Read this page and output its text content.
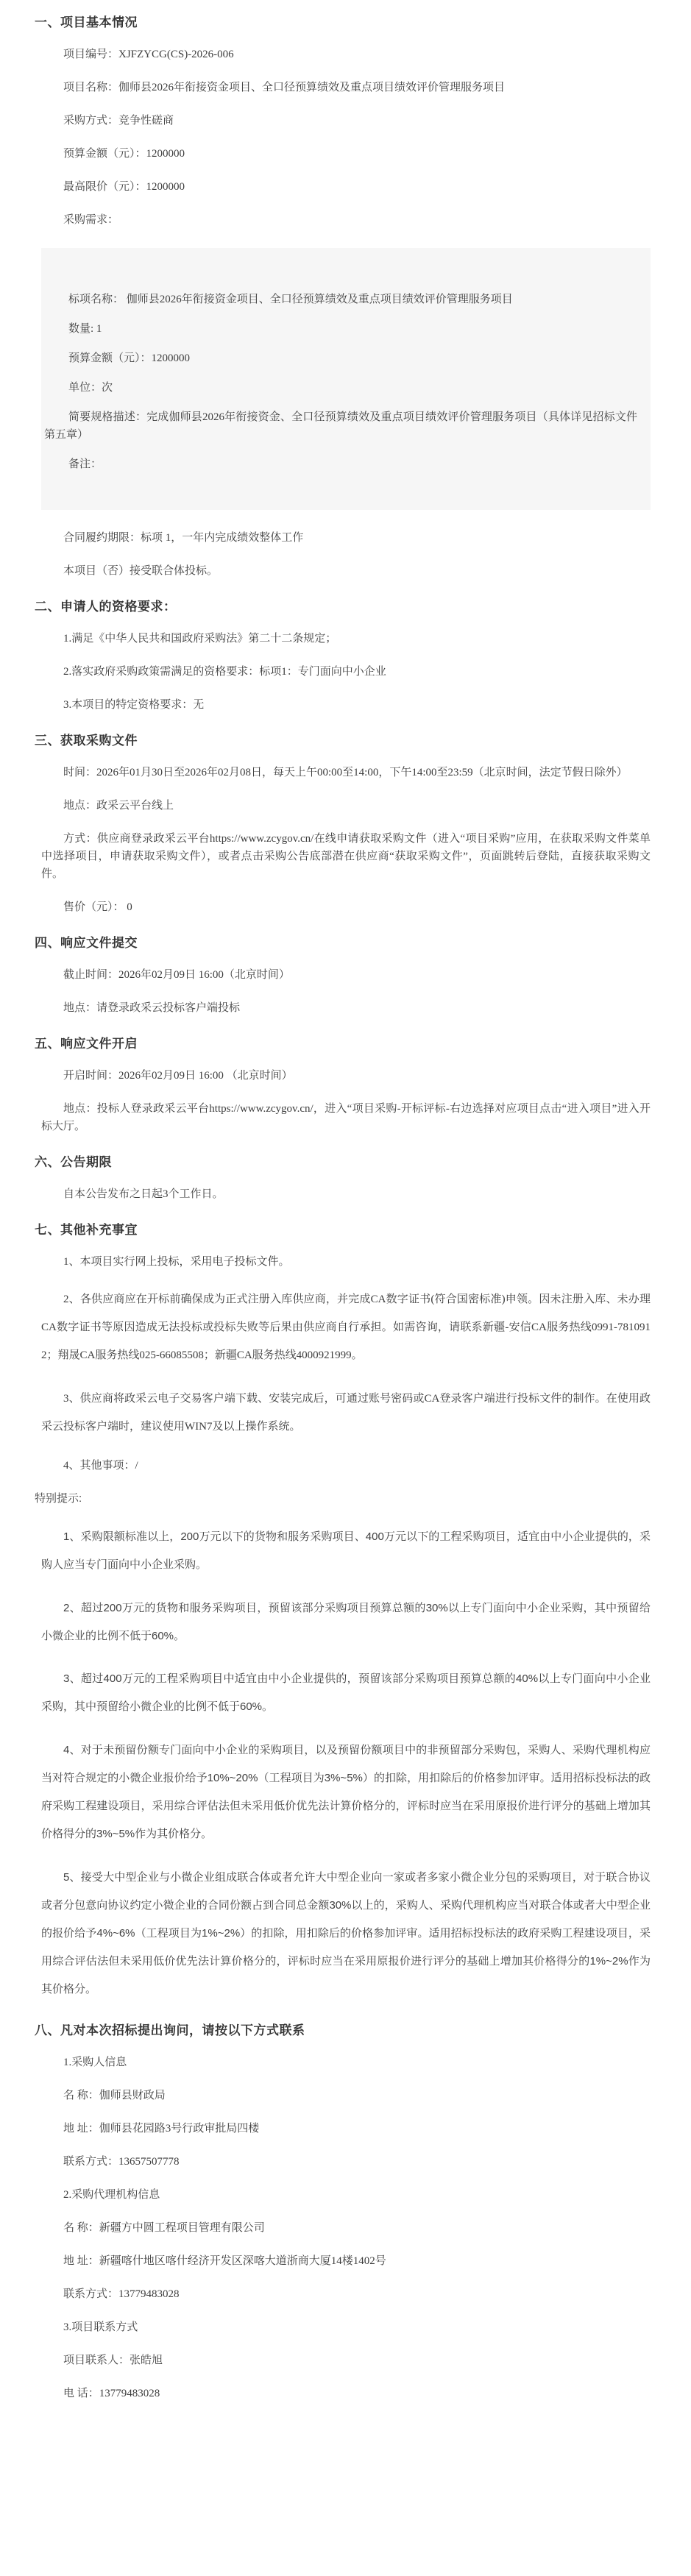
一、项目基本情况

项目编号：XJFZYCG(CS)-2026-006

项目名称：伽师县2026年衔接资金项目、全口径预算绩效及重点项目绩效评价管理服务项目

采购方式：竞争性磋商

预算金额（元）：1200000

最高限价（元）：1200000

采购需求：

标项名称： 伽师县2026年衔接资金项目、全口径预算绩效及重点项目绩效评价管理服务项目

数量: 1

预算金额（元）：1200000

单位：次

简要规格描述：完成伽师县2026年衔接资金、全口径预算绩效及重点项目绩效评价管理服务项目（具体详见招标文件第五章）

备注：

合同履约期限：标项 1，一年内完成绩效整体工作

本项目（否）接受联合体投标。

二、申请人的资格要求：

1.满足《中华人民共和国政府采购法》第二十二条规定；

2.落实政府采购政策需满足的资格要求：标项1：专门面向中小企业

3.本项目的特定资格要求：无

三、获取采购文件

时间：2026年01月30日至2026年02月08日，每天上午00:00至14:00，下午14:00至23:59（北京时间，法定节假日除外）

地点：政采云平台线上

方式：供应商登录政采云平台https://www.zcygov.cn/在线申请获取采购文件（进入“项目采购”应用，在获取采购文件菜单中选择项目，申请获取采购文件），或者点击采购公告底部潜在供应商“获取采购文件”，页面跳转后登陆，直接获取采购文件。

售价（元）： 0

四、响应文件提交

截止时间：2026年02月09日 16:00（北京时间）

地点：请登录政采云投标客户端投标

五、响应文件开启

开启时间：2026年02月09日 16:00 （北京时间）

地点：投标人登录政采云平台https://www.zcygov.cn/，进入“项目采购-开标评标-右边选择对应项目点击“进入项目”进入开标大厅。

六、公告期限

自本公告发布之日起3个工作日。

七、其他补充事宜

1、本项目实行网上投标，采用电子投标文件。

2、各供应商应在开标前确保成为正式注册入库供应商，并完成CA数字证书(符合国密标准)申领。因未注册入库、未办理CA数字证书等原因造成无法投标或投标失败等后果由供应商自行承担。如需咨询，请联系新疆-安信CA服务热线0991-7810912；翔晟CA服务热线025-66085508；新疆CA服务热线4000921999。

3、供应商将政采云电子交易客户端下载、安装完成后，可通过账号密码或CA登录客户端进行投标文件的制作。在使用政采云投标客户端时，建议使用WIN7及以上操作系统。

4、其他事项：/

特别提示:

1、采购限额标准以上，200万元以下的货物和服务采购项目、400万元以下的工程采购项目，适宜由中小企业提供的，采购人应当专门面向中小企业采购。

2、超过200万元的货物和服务采购项目，预留该部分采购项目预算总额的30%以上专门面向中小企业采购，其中预留给小微企业的比例不低于60%。

3、超过400万元的工程采购项目中适宜由中小企业提供的，预留该部分采购项目预算总额的40%以上专门面向中小企业采购，其中预留给小微企业的比例不低于60%。

4、对于未预留份额专门面向中小企业的采购项目，以及预留份额项目中的非预留部分采购包，采购人、采购代理机构应当对符合规定的小微企业报价给予10%~20%（工程项目为3%~5%）的扣除，用扣除后的价格参加评审。适用招标投标法的政府采购工程建设项目，采用综合评估法但未采用低价优先法计算价格分的，评标时应当在采用原报价进行评分的基础上增加其价格得分的3%~5%作为其价格分。

5、接受大中型企业与小微企业组成联合体或者允许大中型企业向一家或者多家小微企业分包的采购项目，对于联合协议或者分包意向协议约定小微企业的合同份额占到合同总金额30%以上的，采购人、采购代理机构应当对联合体或者大中型企业的报价给予4%~6%（工程项目为1%~2%）的扣除，用扣除后的价格参加评审。适用招标投标法的政府采购工程建设项目，采用综合评估法但未采用低价优先法计算价格分的，评标时应当在采用原报价进行评分的基础上增加其价格得分的1%~2%作为其价格分。

八、凡对本次招标提出询问，请按以下方式联系

1.采购人信息

名 称：伽师县财政局

地 址：伽师县花园路3号行政审批局四楼

联系方式：13657507778

2.采购代理机构信息

名 称：新疆方中圆工程项目管理有限公司

地 址：新疆喀什地区喀什经济开发区深喀大道浙商大厦14楼1402号

联系方式：13779483028

3.项目联系方式

项目联系人：张皓旭

电 话：13779483028
